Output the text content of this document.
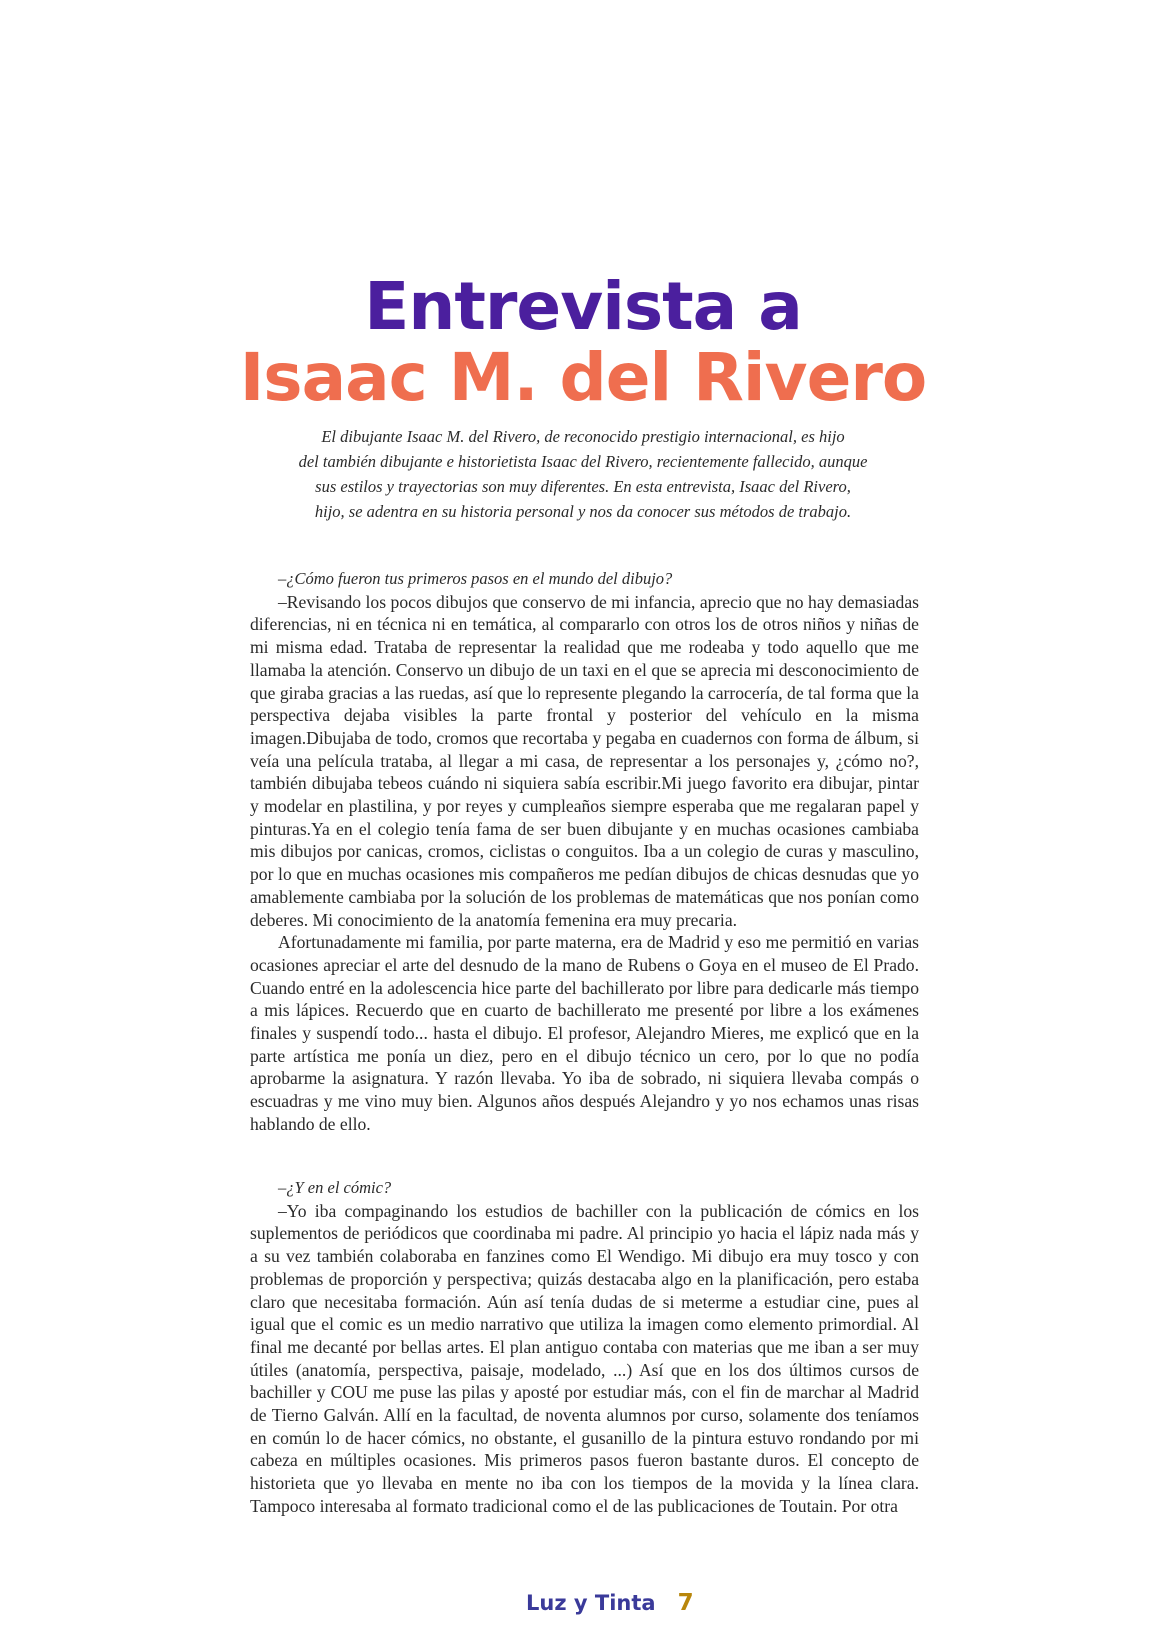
Entrevista a
Isaac M. del Rivero
El dibujante Isaac M. del Rivero, de reconocido prestigio internacional, es hijo
del también dibujante e historietista Isaac del Rivero, recientemente fallecido, aunque
sus estilos y trayectorias son muy diferentes. En esta entrevista, Isaac del Rivero,
hijo, se adentra en su historia personal y nos da conocer sus métodos de trabajo.

–¿Cómo fueron tus primeros pasos en el mundo del dibujo?

–Revisando los pocos dibujos que conservo de mi infancia, aprecio que no hay demasiadas diferencias, ni en técnica ni en temática, al compararlo con otros los de otros niños y niñas de mi misma edad. Trataba de representar la realidad que me rodeaba y todo aquello que me llamaba la atención. Conservo un dibujo de un taxi en el que se aprecia mi desconocimiento de que giraba gracias a las ruedas, así que lo represente plegando la carrocería, de tal forma que la perspectiva dejaba visibles la parte frontal y posterior del vehículo en la misma imagen.Dibujaba de todo, cromos que recortaba y pegaba en cuadernos con forma de álbum, si veía una película trataba, al llegar a mi casa, de representar a los personajes y, ¿cómo no?, también dibujaba tebeos cuándo ni siquiera sabía escribir.Mi juego favorito era dibujar, pintar y modelar en plastilina, y por reyes y cumpleaños siempre esperaba que me regalaran papel y pinturas.Ya en el colegio tenía fama de ser buen dibujante y en muchas ocasiones cambiaba mis dibujos por canicas, cromos, ciclistas o conguitos. Iba a un colegio de curas y masculino, por lo que en muchas ocasiones mis compañeros me pedían dibujos de chicas desnudas que yo amablemente cambiaba por la solución de los problemas de matemáticas que nos ponían como deberes. Mi conocimiento de la anatomía femenina era muy precaria.

Afortunadamente mi familia, por parte materna, era de Madrid y eso me permitió en varias ocasiones apreciar el arte del desnudo de la mano de Rubens o Goya en el museo de El Prado. Cuando entré en la adolescencia hice parte del bachillerato por libre para dedicarle más tiempo a mis lápices. Recuerdo que en cuarto de bachillerato me presenté por libre a los exámenes finales y suspendí todo... hasta el dibujo. El profesor, Alejandro Mieres, me explicó que en la parte artística me ponía un diez, pero en el dibujo técnico un cero, por lo que no podía aprobarme la asignatura. Y razón llevaba. Yo iba de sobrado, ni siquiera llevaba compás o escuadras y me vino muy bien. Algunos años después Alejandro y yo nos echamos unas risas hablando de ello.

–¿Y en el cómic?

–Yo iba compaginando los estudios de bachiller con la publicación de cómics en los suplementos de periódicos que coordinaba mi padre. Al principio yo hacia el lápiz nada más y a su vez también colaboraba en fanzines como El Wendigo. Mi dibujo era muy tosco y con problemas de proporción y perspectiva; quizás destacaba algo en la planificación, pero estaba claro que necesitaba formación. Aún así tenía dudas de si meterme a estudiar cine, pues al igual que el comic es un medio narrativo que utiliza la imagen como elemento primordial. Al final me decanté por bellas artes. El plan antiguo contaba con materias que me iban a ser muy útiles (anatomía, perspectiva, paisaje, modelado, ...) Así que en los dos últimos cursos de bachiller y COU me puse las pilas y aposté por estudiar más, con el fin de marchar al Madrid de Tierno Galván. Allí en la facultad, de noventa alumnos por curso, solamente dos teníamos en común lo de hacer cómics, no obstante, el gusanillo de la pintura estuvo rondando por mi cabeza en múltiples ocasiones. Mis primeros pasos fueron bastante duros. El concepto de historieta que yo llevaba en mente no iba con los tiempos de la movida y la línea clara. Tampoco interesaba al formato tradicional como el de las publicaciones de Toutain. Por otra

Luz y Tinta 7
